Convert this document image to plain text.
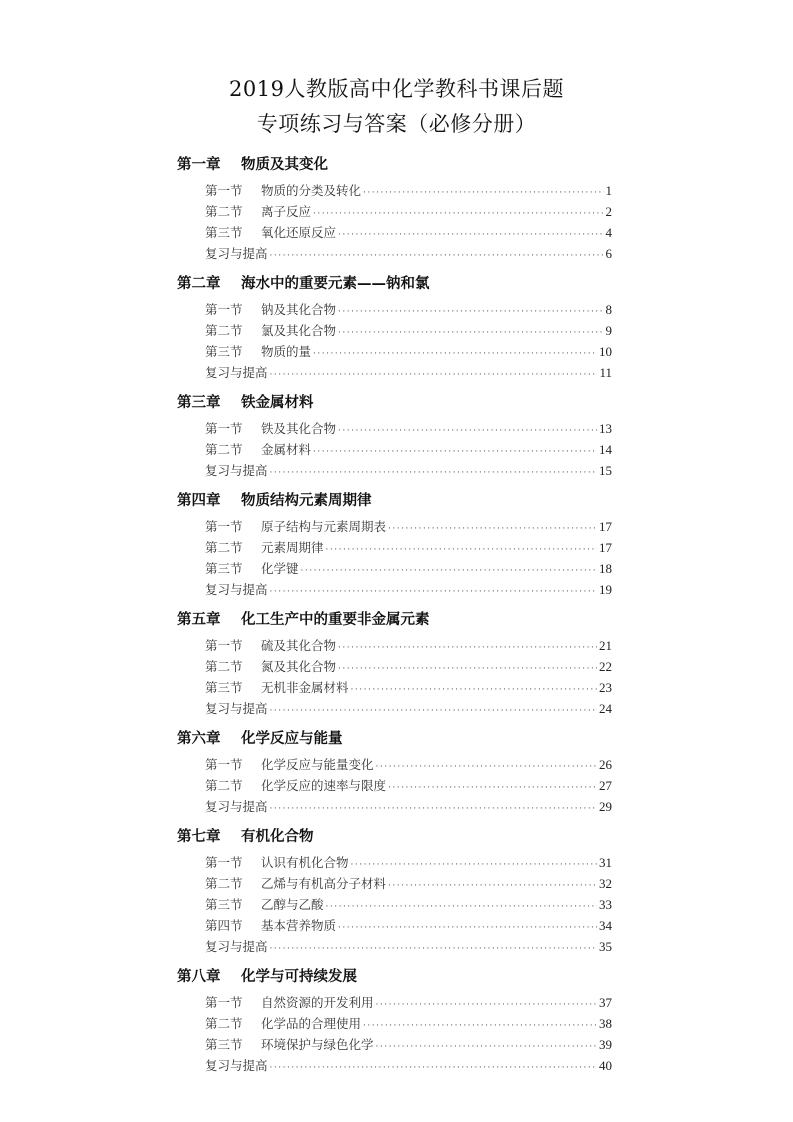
2019人教版高中化学教科书课后题
专项练习与答案（必修分册）
第一章	物质及其变化
第一节	物质的分类及转化 ·····	1
第二节	离子反应 ·····	2
第三节	氧化还原反应 ·····	4
复习与提高 ·····	6
第二章	海水中的重要元素——钠和氯
第一节	钠及其化合物 ·····	8
第二节	氯及其化合物 ·····	9
第三节	物质的量 ·····	10
复习与提高 ·····	11
第三章	铁金属材料
第一节	铁及其化合物 ·····	13
第二节	金属材料 ·····	14
复习与提高 ·····	15
第四章	物质结构元素周期律
第一节	原子结构与元素周期表 ·····	17
第二节	元素周期律 ·····	17
第三节	化学键 ·····	18
复习与提高 ·····	19
第五章	化工生产中的重要非金属元素
第一节	硫及其化合物 ·····	21
第二节	氮及其化合物 ·····	22
第三节	无机非金属材料 ·····	23
复习与提高 ·····	24
第六章	化学反应与能量
第一节	化学反应与能量变化 ·····	26
第二节	化学反应的速率与限度 ·····	27
复习与提高 ·····	29
第七章	有机化合物
第一节	认识有机化合物 ·····	31
第二节	乙烯与有机高分子材料 ·····	32
第三节	乙醇与乙酸 ·····	33
第四节	基本营养物质 ·····	34
复习与提高 ·····	35
第八章	化学与可持续发展
第一节	自然资源的开发利用 ·····	37
第二节	化学品的合理使用 ·····	38
第三节	环境保护与绿色化学 ·····	39
复习与提高 ·····	40
